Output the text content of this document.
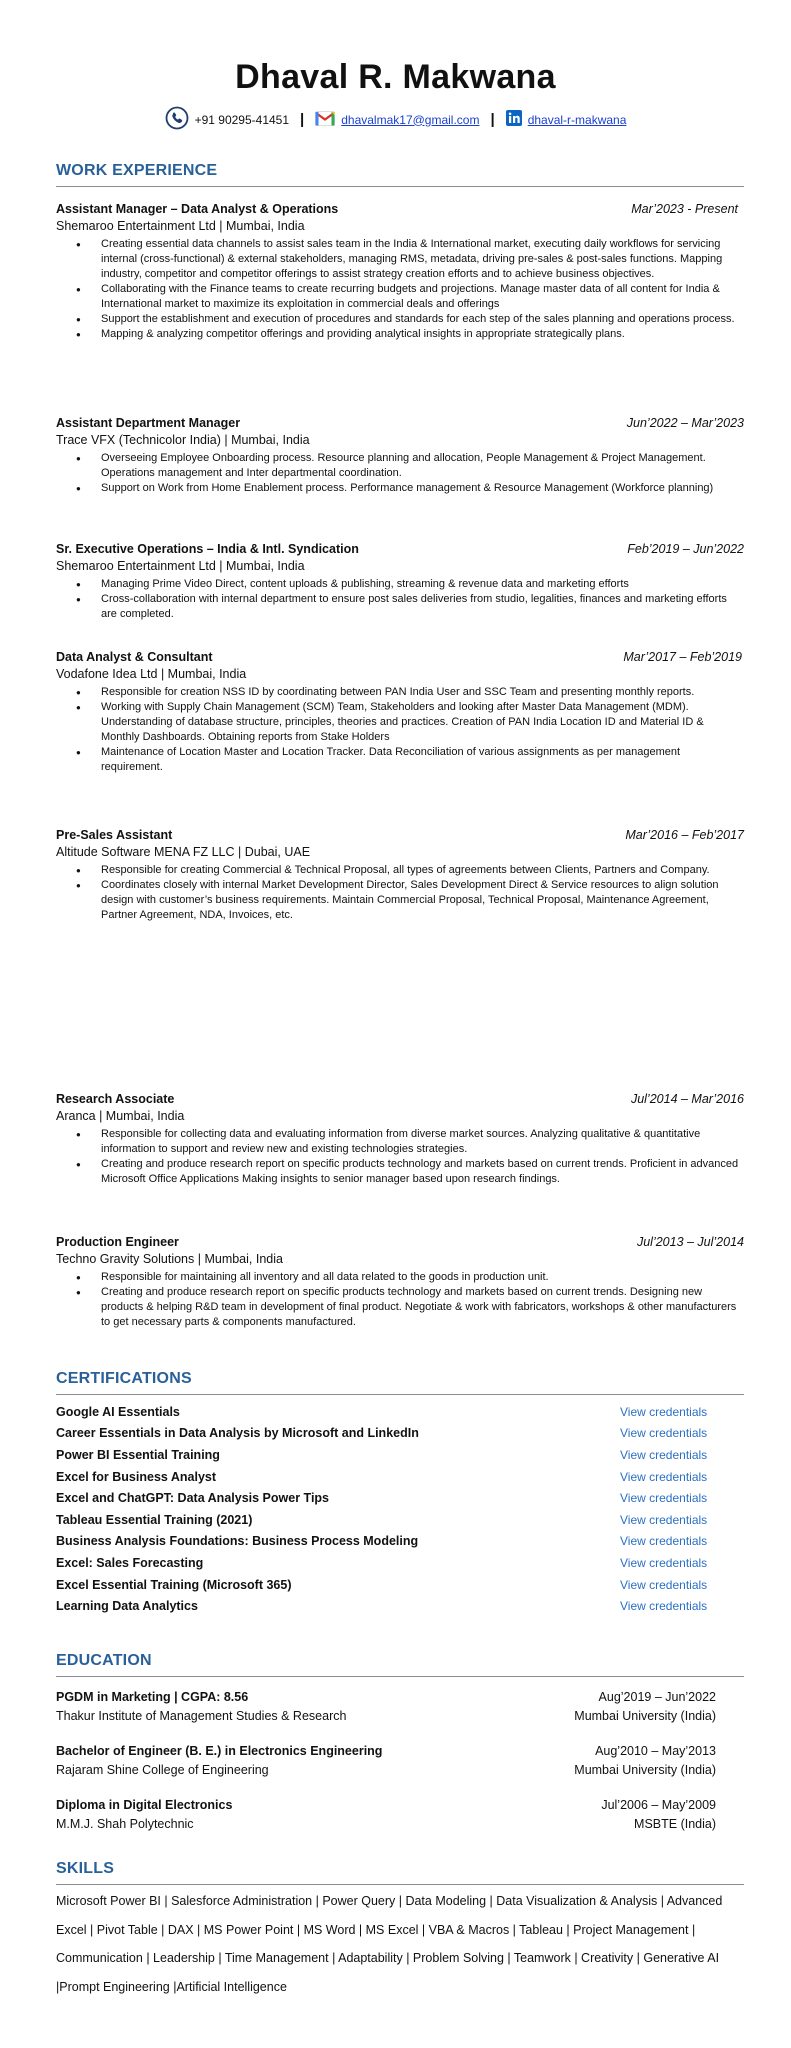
Dhaval R. Makwana
+91 90295-41451 |	dhavalmak17@gmail.com |	dhaval-r-makwana
WORK EXPERIENCE
Assistant Manager – Data Analyst & Operations	Mar’2023 - Present
Shemaroo Entertainment Ltd | Mumbai, India
● Creating essential data channels to assist sales team in the India & International market, executing daily workflows for servicing internal (cross-functional) & external stakeholders, managing RMS, metadata, driving pre-sales & post-sales functions. Mapping industry, competitor and competitor offerings to assist strategy creation efforts and to achieve business objectives.
● Collaborating with the Finance teams to create recurring budgets and projections. Manage master data of all content for India & International market to maximize its exploitation in commercial deals and offerings
● Support the establishment and execution of procedures and standards for each step of the sales planning and operations process.
● Mapping & analyzing competitor offerings and providing analytical insights in appropriate strategically plans.
Assistant Department Manager	Jun’2022 – Mar’2023
Trace VFX (Technicolor India) | Mumbai, India
● Overseeing Employee Onboarding process. Resource planning and allocation, People Management & Project Management. Operations management and Inter departmental coordination.
● Support on Work from Home Enablement process. Performance management & Resource Management (Workforce planning)
Sr. Executive Operations – India & Intl. Syndication	Feb’2019 – Jun’2022
Shemaroo Entertainment Ltd | Mumbai, India
● Managing Prime Video Direct, content uploads & publishing, streaming & revenue data and marketing efforts
● Cross-collaboration with internal department to ensure post sales deliveries from studio, legalities, finances and marketing efforts are completed.
Data Analyst & Consultant	Mar’2017 – Feb’2019
Vodafone Idea Ltd | Mumbai, India
● Responsible for creation NSS ID by coordinating between PAN India User and SSC Team and presenting monthly reports.
● Working with Supply Chain Management (SCM) Team, Stakeholders and looking after Master Data Management (MDM). Understanding of database structure, principles, theories and practices. Creation of PAN India Location ID and Material ID & Monthly Dashboards. Obtaining reports from Stake Holders
● Maintenance of Location Master and Location Tracker. Data Reconciliation of various assignments as per management requirement.
Pre-Sales Assistant	Mar’2016 – Feb’2017
Altitude Software MENA FZ LLC | Dubai, UAE
● Responsible for creating Commercial & Technical Proposal, all types of agreements between Clients, Partners and Company.
● Coordinates closely with internal Market Development Director, Sales Development Direct & Service resources to align solution design with customer’s business requirements. Maintain Commercial Proposal, Technical Proposal, Maintenance Agreement, Partner Agreement, NDA, Invoices, etc.
Research Associate	Jul’2014 – Mar’2016
Aranca | Mumbai, India
● Responsible for collecting data and evaluating information from diverse market sources. Analyzing qualitative & quantitative information to support and review new and existing technologies strategies.
● Creating and produce research report on specific products technology and markets based on current trends. Proficient in advanced Microsoft Office Applications Making insights to senior manager based upon research findings.
Production Engineer	Jul’2013 – Jul’2014
Techno Gravity Solutions | Mumbai, India
● Responsible for maintaining all inventory and all data related to the goods in production unit.
● Creating and produce research report on specific products technology and markets based on current trends. Designing new products & helping R&D team in development of final product. Negotiate & work with fabricators, workshops & other manufacturers to get necessary parts & components manufactured.
CERTIFICATIONS
Google AI Essentials	View credentials
Career Essentials in Data Analysis by Microsoft and LinkedIn	View credentials
Power BI Essential Training	View credentials
Excel for Business Analyst	View credentials
Excel and ChatGPT: Data Analysis Power Tips	View credentials
Tableau Essential Training (2021)	View credentials
Business Analysis Foundations: Business Process Modeling	View credentials
Excel: Sales Forecasting	View credentials
Excel Essential Training (Microsoft 365)	View credentials
Learning Data Analytics	View credentials
EDUCATION
PGDM in Marketing | CGPA: 8.56	Aug’2019 – Jun’2022
Thakur Institute of Management Studies & Research	Mumbai University (India)
Bachelor of Engineer (B. E.) in Electronics Engineering	Aug’2010 – May’2013
Rajaram Shine College of Engineering	Mumbai University (India)
Diploma in Digital Electronics	Jul’2006 – May’2009
M.M.J. Shah Polytechnic	MSBTE (India)
SKILLS
Microsoft Power BI | Salesforce Administration | Power Query | Data Modeling | Data Visualization & Analysis | Advanced Excel | Pivot Table | DAX | MS Power Point | MS Word | MS Excel | VBA & Macros | Tableau | Project Management | Communication | Leadership | Time Management | Adaptability | Problem Solving | Teamwork | Creativity | Generative AI |Prompt Engineering |Artificial Intelligence
